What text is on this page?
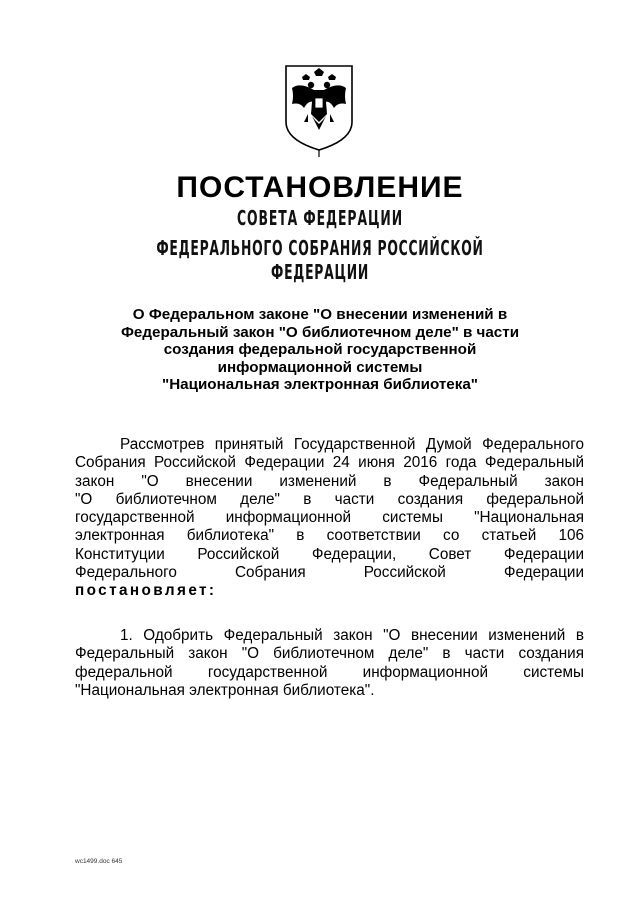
ПОСТАНОВЛЕНИЕ
СОВЕТА ФЕДЕРАЦИИ
ФЕДЕРАЛЬНОГО СОБРАНИЯ РОССИЙСКОЙ ФЕДЕРАЦИИ
О Федеральном законе "О внесении изменений в
Федеральный закон "О библиотечном деле" в части
создания федеральной государственной
информационной системы
"Национальная электронная библиотека"
Рассмотрев принятый Государственной Думой Федерального
Собрания Российской Федерации 24 июня 2016 года Федеральный
закон "О внесении изменений в Федеральный закон
"О библиотечном деле" в части создания федеральной
государственной информационной системы "Национальная
электронная библиотека" в соответствии со статьей 106
Конституции Российской Федерации, Совет Федерации
Федерального Собрания Российской Федерации
постановляет:
1. Одобрить Федеральный закон "О внесении изменений в
Федеральный закон "О библиотечном деле" в части создания
федеральной государственной информационной системы
"Национальная электронная библиотека".
wc1499.doc 645
